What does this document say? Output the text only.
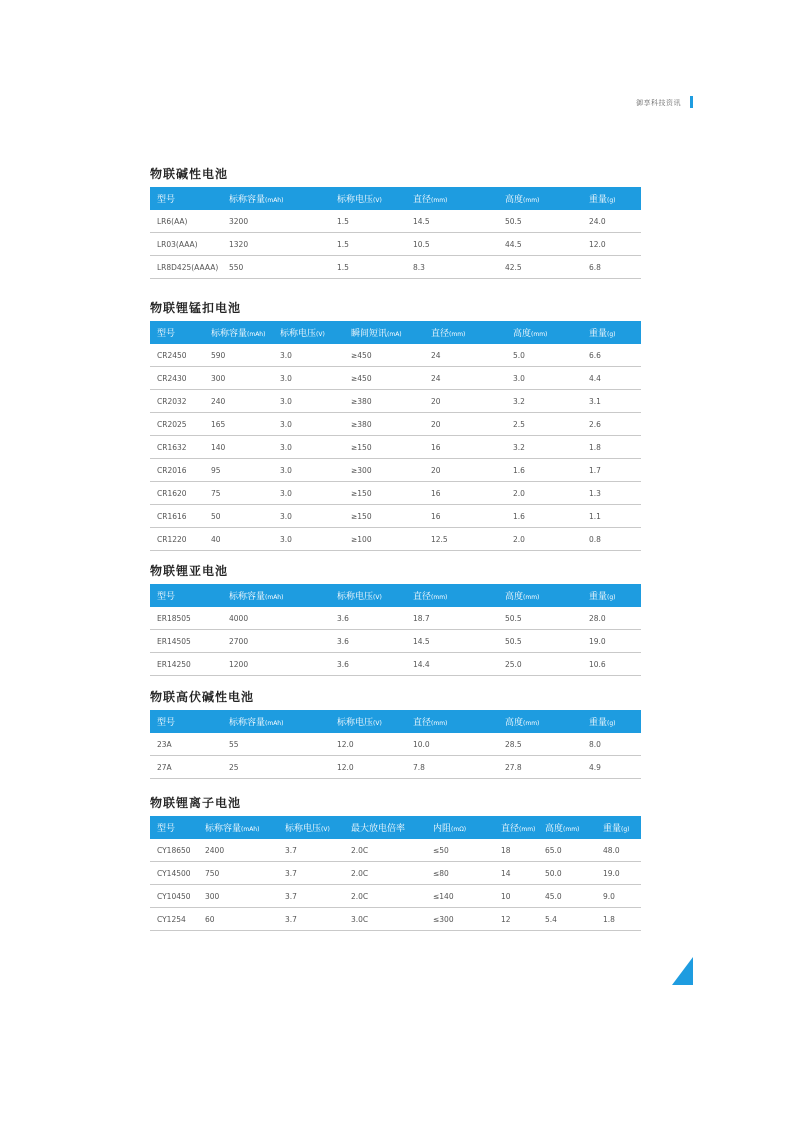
御享科技资讯
物联碱性电池
型号	标称容量(mAh)	标称电压(V)	直径(mm)	高度(mm)	重量(g)
LR6(AA)	3200	1.5	14.5	50.5	24.0
LR03(AAA)	1320	1.5	10.5	44.5	12.0
LR8D425(AAAA)	550	1.5	8.3	42.5	6.8
物联锂锰扣电池
型号	标称容量(mAh)	标称电压(V)	瞬间短讯(mA)	直径(mm)	高度(mm)	重量(g)
CR2450	590	3.0	≥450	24	5.0	6.6
CR2430	300	3.0	≥450	24	3.0	4.4
CR2032	240	3.0	≥380	20	3.2	3.1
CR2025	165	3.0	≥380	20	2.5	2.6
CR1632	140	3.0	≥150	16	3.2	1.8
CR2016	95	3.0	≥300	20	1.6	1.7
CR1620	75	3.0	≥150	16	2.0	1.3
CR1616	50	3.0	≥150	16	1.6	1.1
CR1220	40	3.0	≥100	12.5	2.0	0.8
物联锂亚电池
型号	标称容量(mAh)	标称电压(V)	直径(mm)	高度(mm)	重量(g)
ER18505	4000	3.6	18.7	50.5	28.0
ER14505	2700	3.6	14.5	50.5	19.0
ER14250	1200	3.6	14.4	25.0	10.6
物联高伏碱性电池
型号	标称容量(mAh)	标称电压(V)	直径(mm)	高度(mm)	重量(g)
23A	55	12.0	10.0	28.5	8.0
27A	25	12.0	7.8	27.8	4.9
物联锂离子电池
型号	标称容量(mAh)	标称电压(V)	最大放电倍率	内阻(mΩ)	直径(mm)	高度(mm)	重量(g)
CY18650	2400	3.7	2.0C	≤50	18	65.0	48.0
CY14500	750	3.7	2.0C	≤80	14	50.0	19.0
CY10450	300	3.7	2.0C	≤140	10	45.0	9.0
CY1254	60	3.7	3.0C	≤300	12	5.4	1.8
